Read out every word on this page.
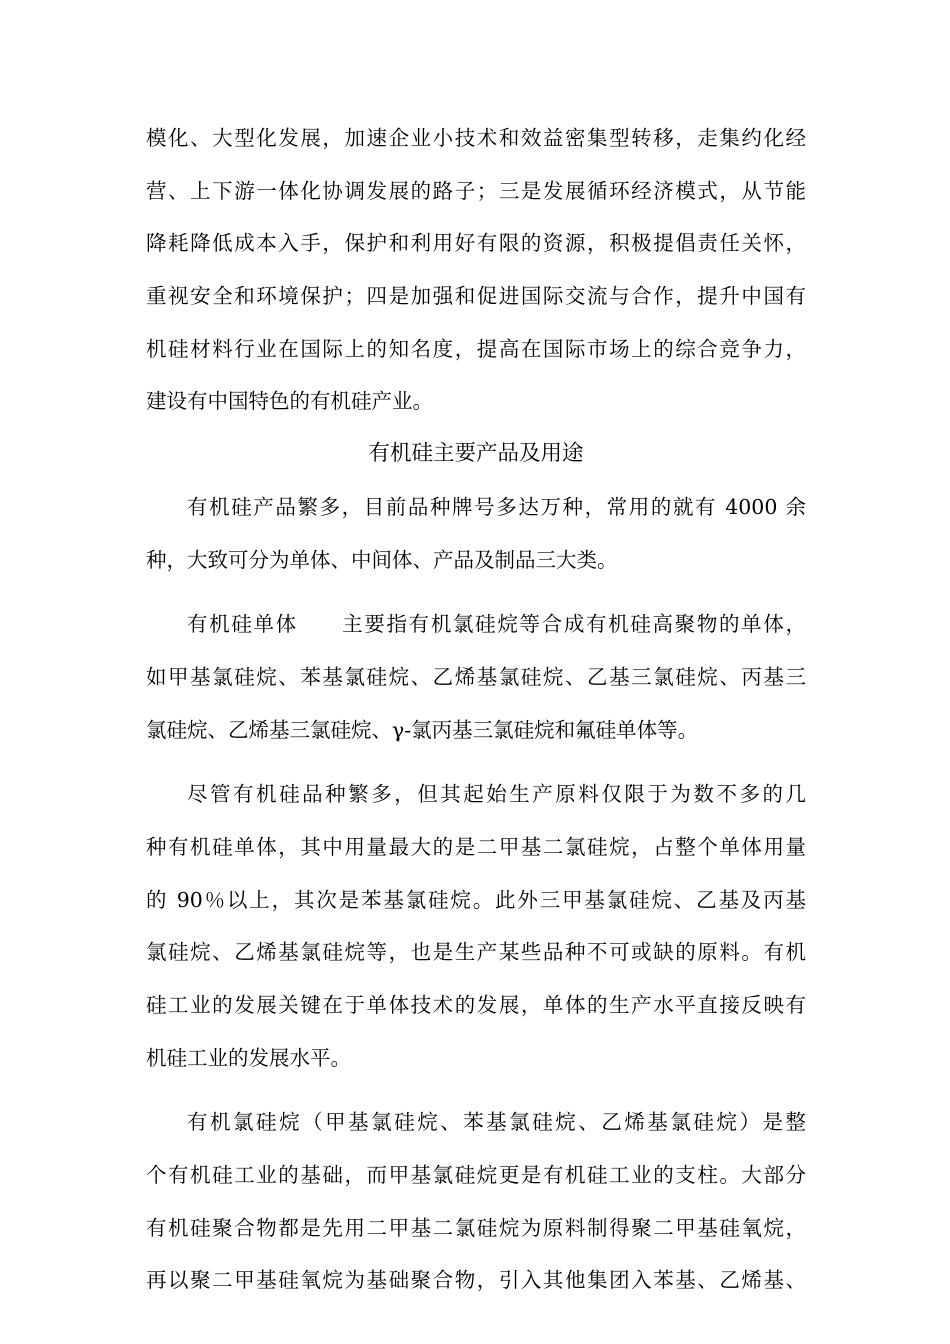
模化、大型化发展，加速企业小技术和效益密集型转移，走集约化经
营、上下游一体化协调发展的路子；三是发展循环经济模式，从节能
降耗降低成本入手，保护和利用好有限的资源，积极提倡责任关怀，
重视安全和环境保护；四是加强和促进国际交流与合作，提升中国有
机硅材料行业在国际上的知名度，提高在国际市场上的综合竞争力，
建设有中国特色的有机硅产业。
有机硅主要产品及用途
有机硅产品繁多，目前品种牌号多达万种，常用的就有 4000 余
种，大致可分为单体、中间体、产品及制品三大类。
有机硅单体　　主要指有机氯硅烷等合成有机硅高聚物的单体，
如甲基氯硅烷、苯基氯硅烷、乙烯基氯硅烷、乙基三氯硅烷、丙基三
氯硅烷、乙烯基三氯硅烷、γ-氯丙基三氯硅烷和氟硅单体等。
尽管有机硅品种繁多，但其起始生产原料仅限于为数不多的几
种有机硅单体，其中用量最大的是二甲基二氯硅烷，占整个单体用量
的 90％以上，其次是苯基氯硅烷。此外三甲基氯硅烷、乙基及丙基
氯硅烷、乙烯基氯硅烷等，也是生产某些品种不可或缺的原料。有机
硅工业的发展关键在于单体技术的发展，单体的生产水平直接反映有
机硅工业的发展水平。
有机氯硅烷（甲基氯硅烷、苯基氯硅烷、乙烯基氯硅烷）是整
个有机硅工业的基础，而甲基氯硅烷更是有机硅工业的支柱。大部分
有机硅聚合物都是先用二甲基二氯硅烷为原料制得聚二甲基硅氧烷，
再以聚二甲基硅氧烷为基础聚合物，引入其他集团入苯基、乙烯基、
